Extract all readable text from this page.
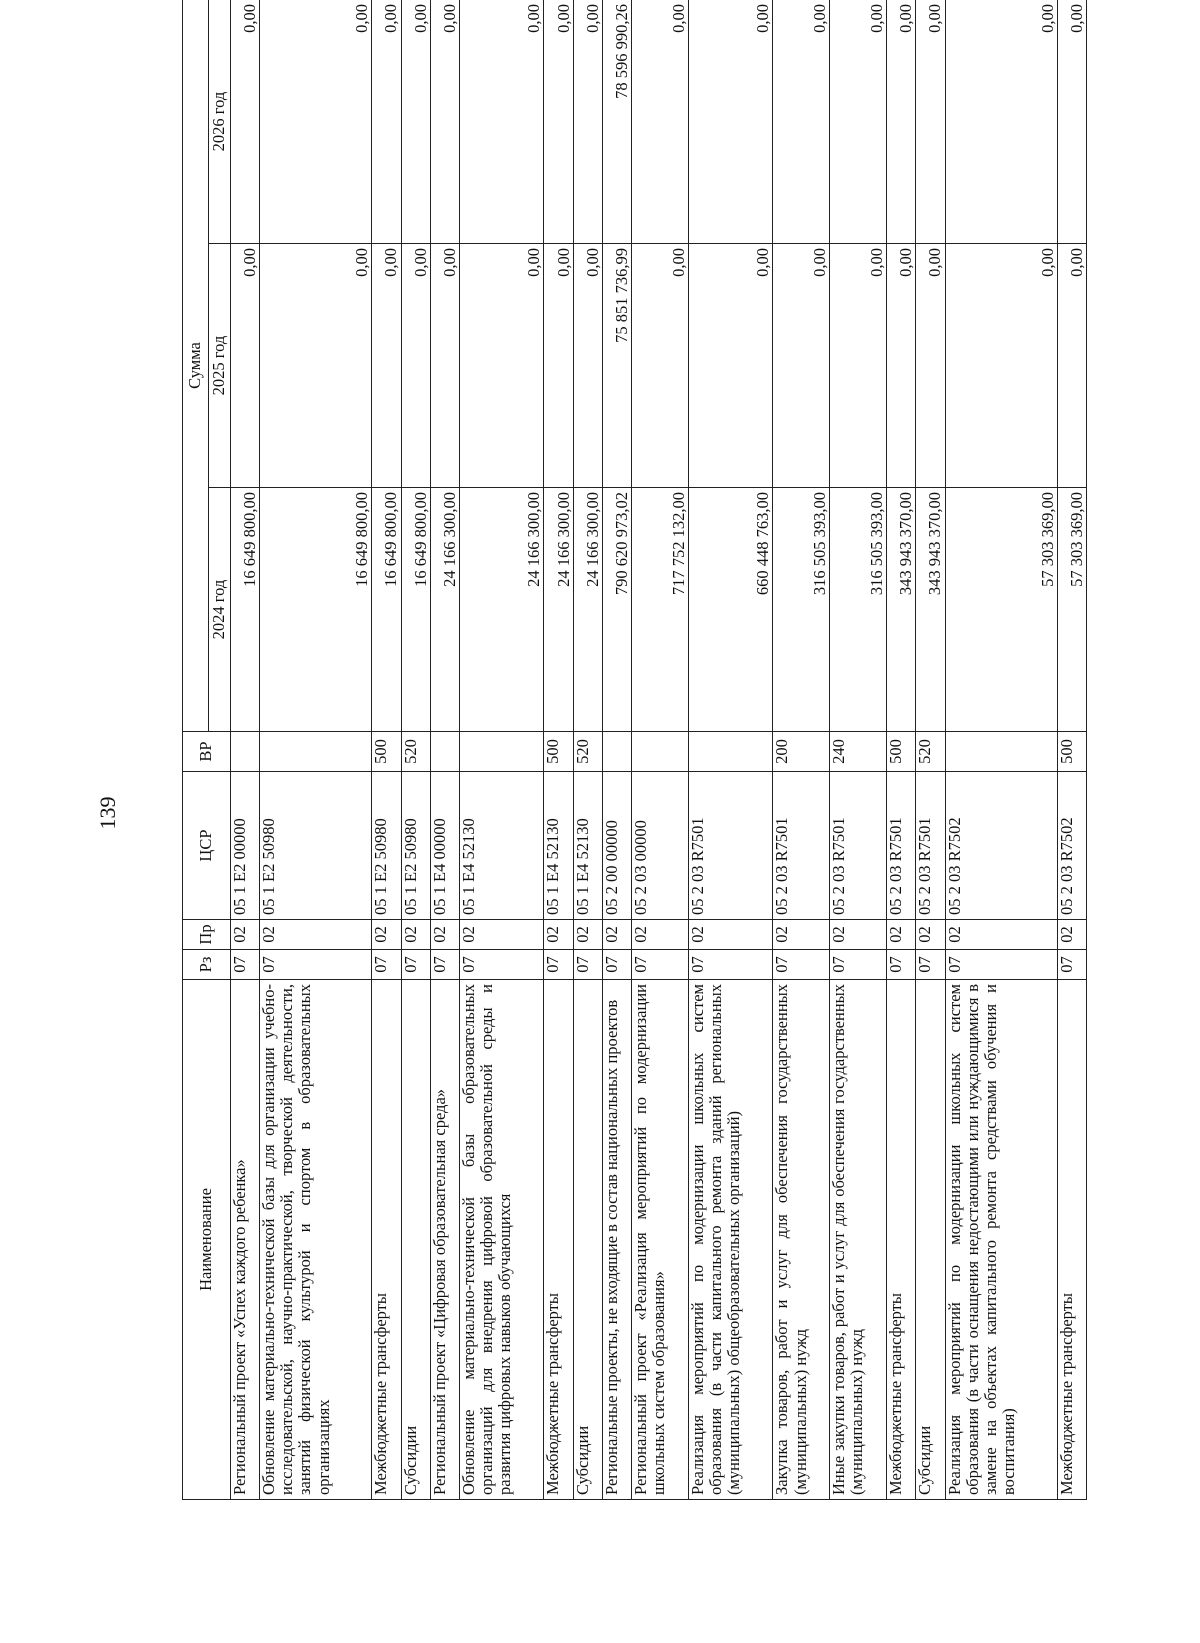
139
Наименование	Рз	Пр	ЦСР	ВР	Сумма		
					2024 год	2025 год	2026 год
Региональный проект «Успех каждого ребенка»	07	02	05 1 E2 00000		16 649 800,00	0,00	0,00
Обновление материально-технической базы для организации учебно-исследовательской, научно-практической, творческой деятельности, занятий физической культурой и спортом в образовательных организациях	07	02	05 1 E2 50980		16 649 800,00	0,00	0,00
Межбюджетные трансферты	07	02	05 1 E2 50980	500	16 649 800,00	0,00	0,00
Субсидии	07	02	05 1 E2 50980	520	16 649 800,00	0,00	0,00
Региональный проект «Цифровая образовательная среда»	07	02	05 1 E4 00000		24 166 300,00	0,00	0,00
Обновление материально-технической базы образовательных организаций для внедрения цифровой образовательной среды и развития цифровых навыков обучающихся	07	02	05 1 E4 52130		24 166 300,00	0,00	0,00
Межбюджетные трансферты	07	02	05 1 E4 52130	500	24 166 300,00	0,00	0,00
Субсидии	07	02	05 1 E4 52130	520	24 166 300,00	0,00	0,00
Региональные проекты, не входящие в состав национальных проектов	07	02	05 2 00 00000		790 620 973,02	75 851 736,99	78 596 990,26
Региональный проект «Реализация мероприятий по модернизации школьных систем образования»	07	02	05 2 03 00000		717 752 132,00	0,00	0,00
Реализация мероприятий по модернизации школьных систем образования (в части капитального ремонта зданий региональных (муниципальных) общеобразовательных организаций)	07	02	05 2 03 R7501		660 448 763,00	0,00	0,00
Закупка товаров, работ и услуг для обеспечения государственных (муниципальных) нужд	07	02	05 2 03 R7501	200	316 505 393,00	0,00	0,00
Иные закупки товаров, работ и услуг для обеспечения государственных (муниципальных) нужд	07	02	05 2 03 R7501	240	316 505 393,00	0,00	0,00
Межбюджетные трансферты	07	02	05 2 03 R7501	500	343 943 370,00	0,00	0,00
Субсидии	07	02	05 2 03 R7501	520	343 943 370,00	0,00	0,00
Реализация мероприятий по модернизации школьных систем образования (в части оснащения недостающими или нуждающимися в замене на объектах капитального ремонта средствами обучения и воспитания)	07	02	05 2 03 R7502		57 303 369,00	0,00	0,00
Межбюджетные трансферты	07	02	05 2 03 R7502	500	57 303 369,00	0,00	0,00
